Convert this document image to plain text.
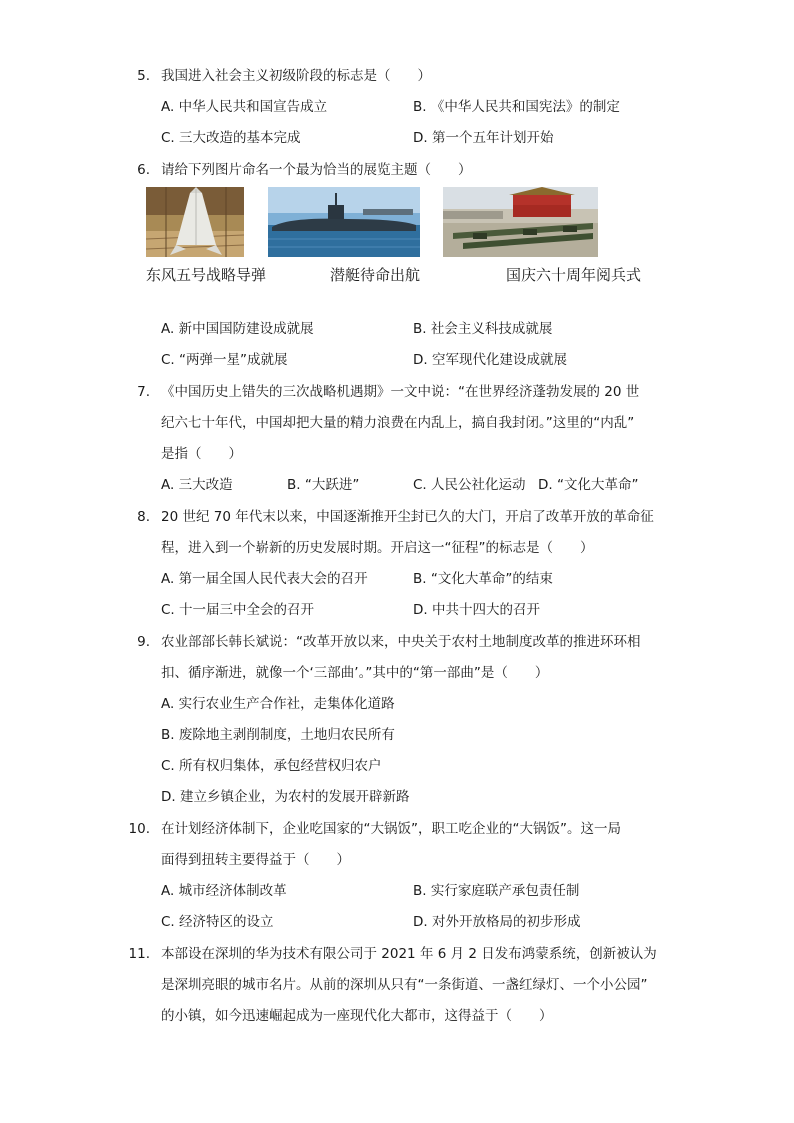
5. 我国进入社会主义初级阶段的标志是（　　）
A. 中华人民共和国宣告成立	B. 《中华人民共和国宪法》的制定
C. 三大改造的基本完成	D. 第一个五年计划开始
6. 请给下列图片命名一个最为恰当的展览主题（　　）
东风五号战略导弹	潜艇待命出航	国庆六十周年阅兵式
A. 新中国国防建设成就展	B. 社会主义科技成就展
C. “两弹一星”成就展	D. 空军现代化建设成就展
7. 《中国历史上错失的三次战略机遇期》一文中说：“在世界经济蓬勃发展的 20 世
纪六七十年代，中国却把大量的精力浪费在内乱上，搞自我封闭。”这里的“内乱”
是指（　　）
A. 三大改造	B. “大跃进”	C. 人民公社化运动 D. “文化大革命”
8. 20 世纪 70 年代末以来，中国逐渐推开尘封已久的大门，开启了改革开放的革命征
程，进入到一个崭新的历史发展时期。开启这一“征程”的标志是（　　）
A. 第一届全国人民代表大会的召开	B. “文化大革命”的结束
C. 十一届三中全会的召开	D. 中共十四大的召开
9. 农业部部长韩长斌说：“改革开放以来，中央关于农村土地制度改革的推进环环相
扣、循序渐进，就像一个‘三部曲’。”其中的“第一部曲”是（　　）
A. 实行农业生产合作社，走集体化道路
B. 废除地主剥削制度，土地归农民所有
C. 所有权归集体，承包经营权归农户
D. 建立乡镇企业，为农村的发展开辟新路
10. 在计划经济体制下，企业吃国家的“大锅饭”，职工吃企业的“大锅饭”。这一局
面得到扭转主要得益于（　　）
A. 城市经济体制改革	B. 实行家庭联产承包责任制
C. 经济特区的设立	D. 对外开放格局的初步形成
11. 本部设在深圳的华为技术有限公司于 2021 年 6 月 2 日发布鸿蒙系统，创新被认为
是深圳亮眼的城市名片。从前的深圳从只有“一条街道、一盏红绿灯、一个小公园”
的小镇，如今迅速崛起成为一座现代化大都市，这得益于（　　）
